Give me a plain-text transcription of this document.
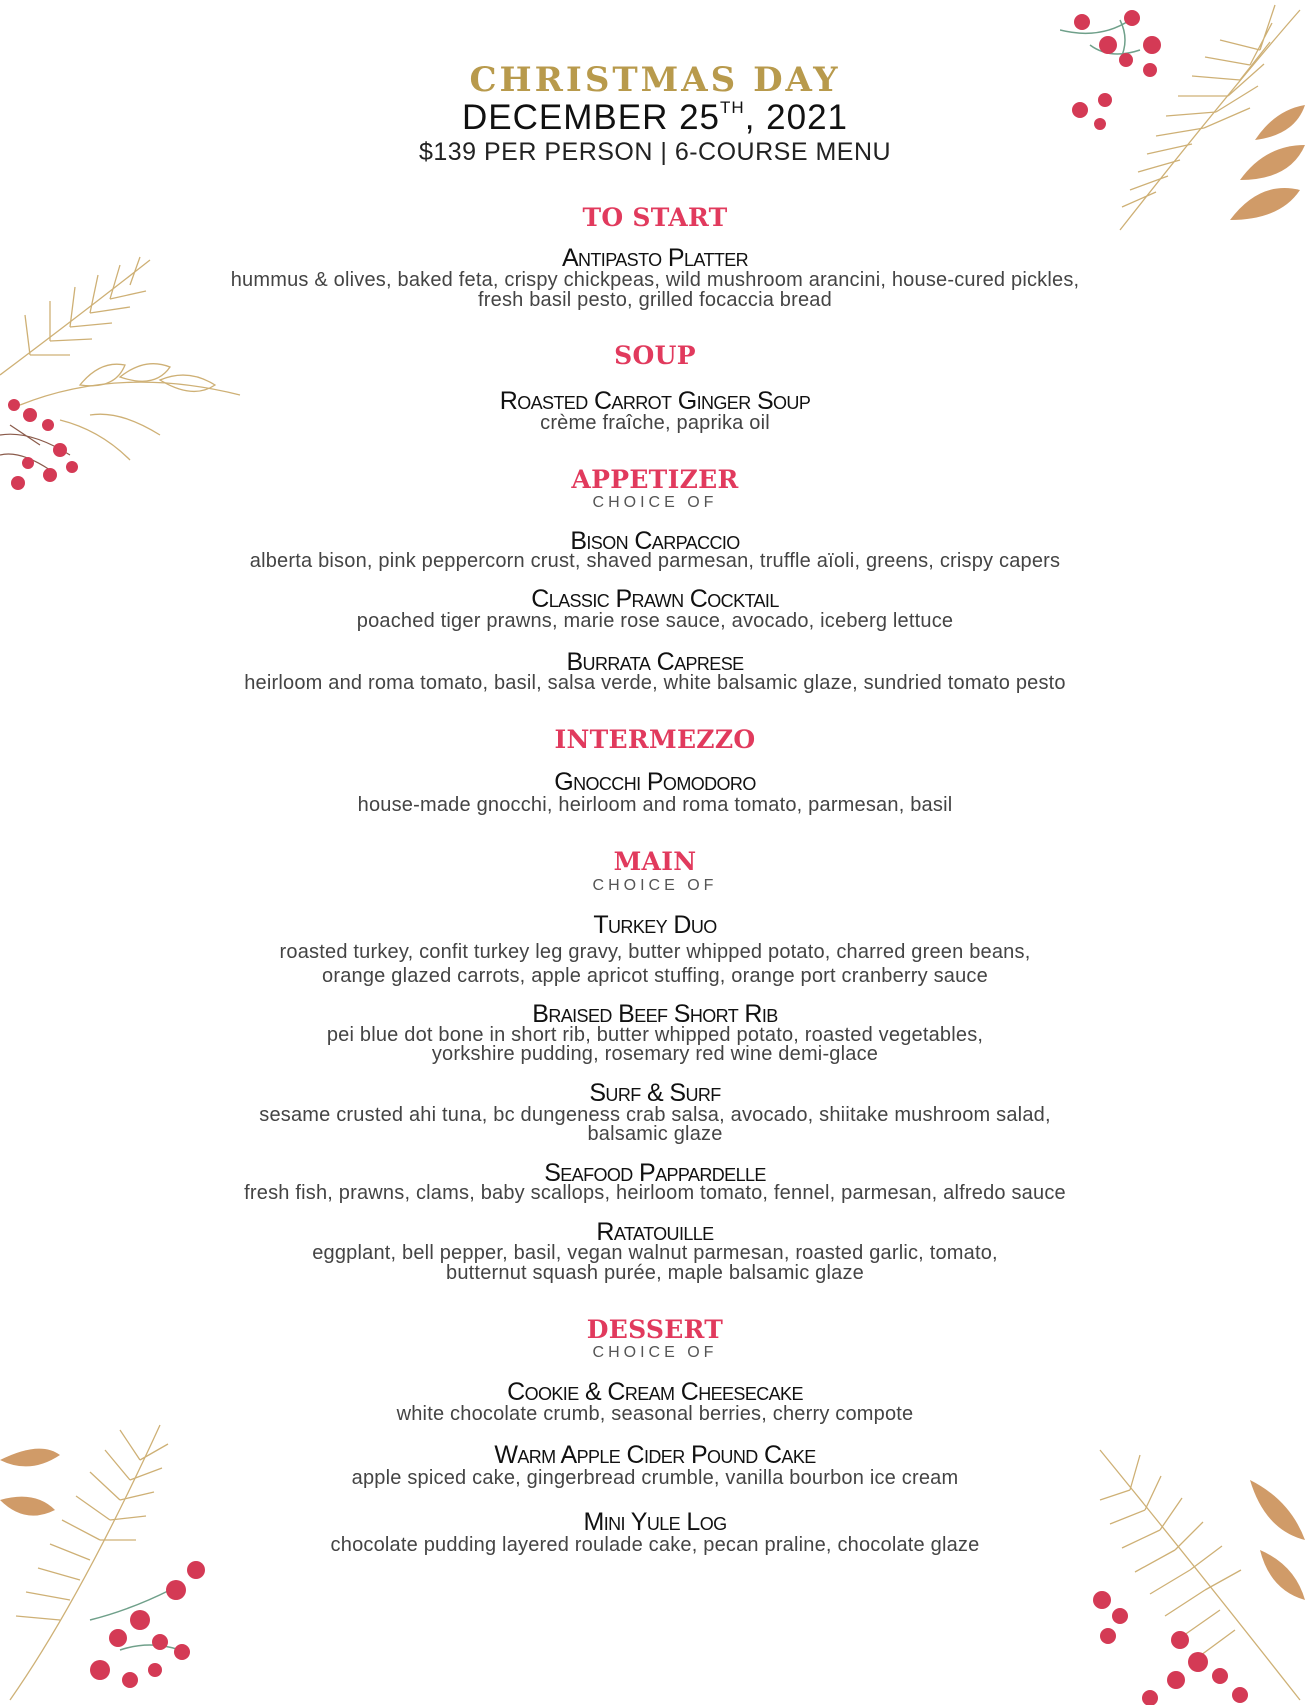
CHRISTMAS DAY
DECEMBER 25TH, 2021
$139 PER PERSON | 6-COURSE MENU
TO START
Antipasto Platter
hummus & olives, baked feta, crispy chickpeas, wild mushroom arancini, house-cured pickles,
fresh basil pesto, grilled focaccia bread
SOUP
Roasted Carrot Ginger Soup
crème fraîche, paprika oil
APPETIZER
CHOICE OF
Bison Carpaccio
alberta bison, pink peppercorn crust, shaved parmesan, truffle aïoli, greens, crispy capers
Classic Prawn Cocktail
poached tiger prawns, marie rose sauce, avocado, iceberg lettuce
Burrata Caprese
heirloom and roma tomato, basil, salsa verde, white balsamic glaze, sundried tomato pesto
INTERMEZZO
Gnocchi Pomodoro
house-made gnocchi, heirloom and roma tomato, parmesan, basil
MAIN
CHOICE OF
Turkey Duo
roasted turkey, confit turkey leg gravy, butter whipped potato, charred green beans,
orange glazed carrots, apple apricot stuffing, orange port cranberry sauce
Braised Beef Short Rib
pei blue dot bone in short rib, butter whipped potato, roasted vegetables,
yorkshire pudding, rosemary red wine demi-glace
Surf & Surf
sesame crusted ahi tuna, bc dungeness crab salsa, avocado, shiitake mushroom salad,
balsamic glaze
Seafood Pappardelle
fresh fish, prawns, clams, baby scallops, heirloom tomato, fennel, parmesan, alfredo sauce
Ratatouille
eggplant, bell pepper, basil, vegan walnut parmesan, roasted garlic, tomato,
butternut squash purée, maple balsamic glaze
DESSERT
CHOICE OF
Cookie & Cream Cheesecake
white chocolate crumb, seasonal berries, cherry compote
Warm Apple Cider Pound Cake
apple spiced cake, gingerbread crumble, vanilla bourbon ice cream
Mini Yule Log
chocolate pudding layered roulade cake, pecan praline, chocolate glaze
